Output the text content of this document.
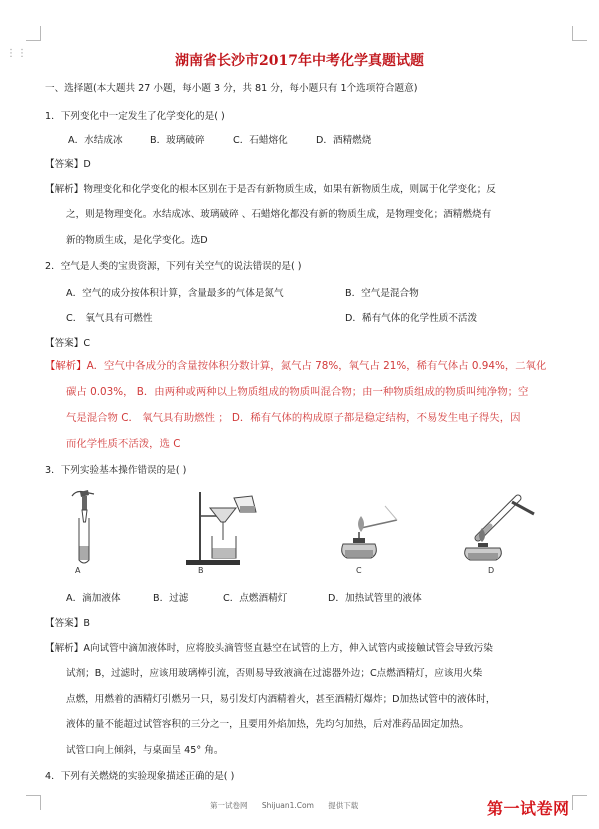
⋮⋮	湖南省长沙市2017年中考化学真题试题
一、选择题(本大题共 27 小题，每小题 3 分，共 81 分，每小题只有 1个选项符合题意)
1．下列变化中一定发生了化学变化的是( )
A．水结成冰	B．玻璃破碎	C．石蜡熔化	D．酒精燃烧
【答案】D
【解析】物理变化和化学变化的根本区别在于是否有新物质生成，如果有新物质生成，则属于化学变化；反
之，则是物理变化。水结成冰、玻璃破碎 、石蜡熔化都没有新的物质生成，是物理变化；酒精燃烧有
新的物质生成，是化学变化。选D
2．空气是人类的宝贵资源，下列有关空气的说法错误的是( )
A．空气的成分按体积计算，含量最多的气体是氮气	B．空气是混合物
C． 氧气具有可燃性	D．稀有气体的化学性质不活泼
【答案】C
【解析】A．空气中各成分的含量按体积分数计算，氮气占 78%，氧气占 21%，稀有气体占 0.94%，二氧化
碳占 0.03%， B．由两种或两种以上物质组成的物质叫混合物；由一种物质组成的物质叫纯净物；空
气是混合物 C． 氧气具有助燃性 ； D．稀有气体的构成原子都是稳定结构，不易发生电子得失，因
而化学性质不活泼，选 C
3．下列实验基本操作错误的是( )
A	B	C	D
A．滴加液体	B．过滤	C．点燃酒精灯	D．加热试管里的液体
【答案】B
【解析】A向试管中滴加液体时，应将胶头滴管竖直悬空在试管的上方，伸入试管内或接触试管会导致污染
试剂；B，过滤时，应该用玻璃棒引流，否则易导致液滴在过滤器外边；C点燃酒精灯，应该用火柴
点燃，用燃着的酒精灯引燃另一只，易引发灯内酒精着火，甚至酒精灯爆炸；D加热试管中的液体时，
液体的量不能超过试管容积的三分之一，且要用外焰加热，先均匀加热，后对准药品固定加热。
试管口向上倾斜，与桌面呈 45° 角。
4．下列有关燃烧的实验现象描述正确的是( )
第一试卷网 Shijuan1.Com 提供下载	第一试卷网
